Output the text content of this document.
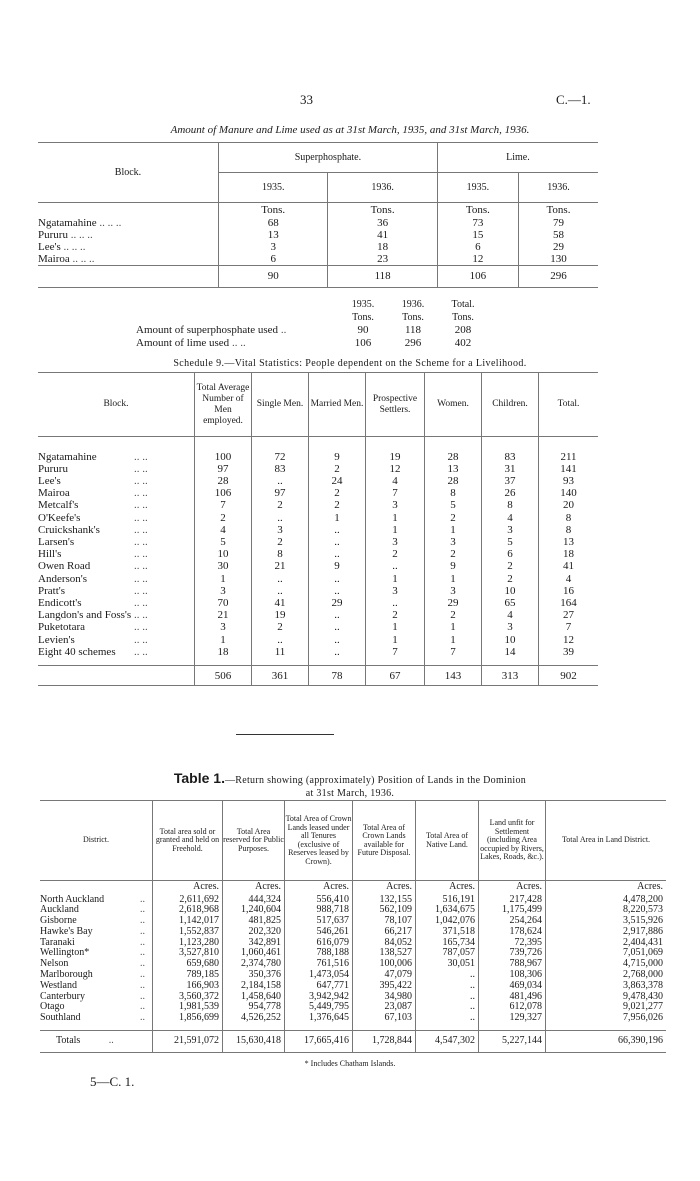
33	C.—1.
Amount of Manure and Lime used as at 31st March, 1935, and 31st March, 1936.
Block.	Superphosphate.		Lime.	
	1935.	1936.	1935.	1936.
	Tons.	Tons.	Tons.	Tons.
Ngatamahine .. .. ..	68	36	73	79
Pururu .. .. ..	13	41	15	58
Lee's .. .. ..	3	18	6	29
Mairoa .. .. ..	6	23	12	130
	90	118	106	296
	1935.	1936.	Total.	
	Tons.	Tons.	Tons.	
Amount of superphosphate used ..	90	118	208	
Amount of lime used .. ..	106	296	402	
Schedule 9.—Vital Statistics: People dependent on the Scheme for a Livelihood.
Block.	Total Average Number of Men employed.	Single Men.	Married Men.	Prospective Settlers.	Women.	Children.	Total.

Ngatamahine .. ..	100	72	9	19	28	83	211
Pururu .. ..	97	83	2	12	13	31	141
Lee's .. ..	28	..	24	4	28	37	93
Mairoa .. ..	106	97	2	7	8	26	140
Metcalf's .. ..	7	2	2	3	5	8	20
O'Keefe's .. ..	2	..	1	1	2	4	8
Cruickshank's .. ..	4	3	..	1	1	3	8
Larsen's .. ..	5	2	..	3	3	5	13
Hill's .. ..	10	8	..	2	2	6	18
Owen Road .. ..	30	21	9	..	9	2	41
Anderson's .. ..	1	..	..	1	1	2	4
Pratt's .. ..	3	..	..	3	3	10	16
Endicott's .. ..	70	41	29	..	29	65	164
Langdon's and Foss's .. ..	21	19	..	2	2	4	27
Puketotara .. ..	3	2	..	1	1	3	7
Levien's .. ..	1	..	..	1	1	10	12
Eight 40 schemes .. ..	18	11	..	7	7	14	39

	506	361	78	67	143	313	902
Table 1.—Return showing (approximately) Position of Lands in the Dominion
at 31st March, 1936.
District.	Total area sold or granted and held on Freehold.	Total Area reserved for Public Purposes.	Total Area of Crown Lands leased under all Tenures (exclusive of Reserves leased by Crown).	Total Area of Crown Lands available for Future Disposal.	Total Area of Native Land.	Land unfit for Settlement (including Area occupied by Rivers, Lakes, Roads, &c.).	Total Area in Land District.
	Acres.	Acres.	Acres.	Acres.	Acres.	Acres.	Acres.
North Auckland ..	2,611,692	444,324	556,410	132,155	516,191	217,428	4,478,200
Auckland ..	2,618,968	1,240,604	988,718	562,109	1,634,675	1,175,499	8,220,573
Gisborne ..	1,142,017	481,825	517,637	78,107	1,042,076	254,264	3,515,926
Hawke's Bay ..	1,552,837	202,320	546,261	66,217	371,518	178,624	2,917,886
Taranaki ..	1,123,280	342,891	616,079	84,052	165,734	72,395	2,404,431
Wellington* ..	3,527,810	1,060,461	788,188	138,527	787,057	739,726	7,051,069
Nelson ..	659,680	2,374,780	761,516	100,006	30,051	788,967	4,715,000
Marlborough ..	789,185	350,376	1,473,054	47,079	..	108,306	2,768,000
Westland ..	166,903	2,184,158	647,771	395,422	..	469,034	3,863,378
Canterbury ..	3,560,372	1,458,640	3,942,942	34,980	..	481,496	9,478,430
Otago ..	1,981,539	954,778	5,449,795	23,087	..	612,078	9,021,277
Southland ..	1,856,699	4,526,252	1,376,645	67,103	..	129,327	7,956,026

Totals ..	21,591,072	15,630,418	17,665,416	1,728,844	4,547,302	5,227,144	66,390,196
* Includes Chatham Islands.
5—C. 1.
